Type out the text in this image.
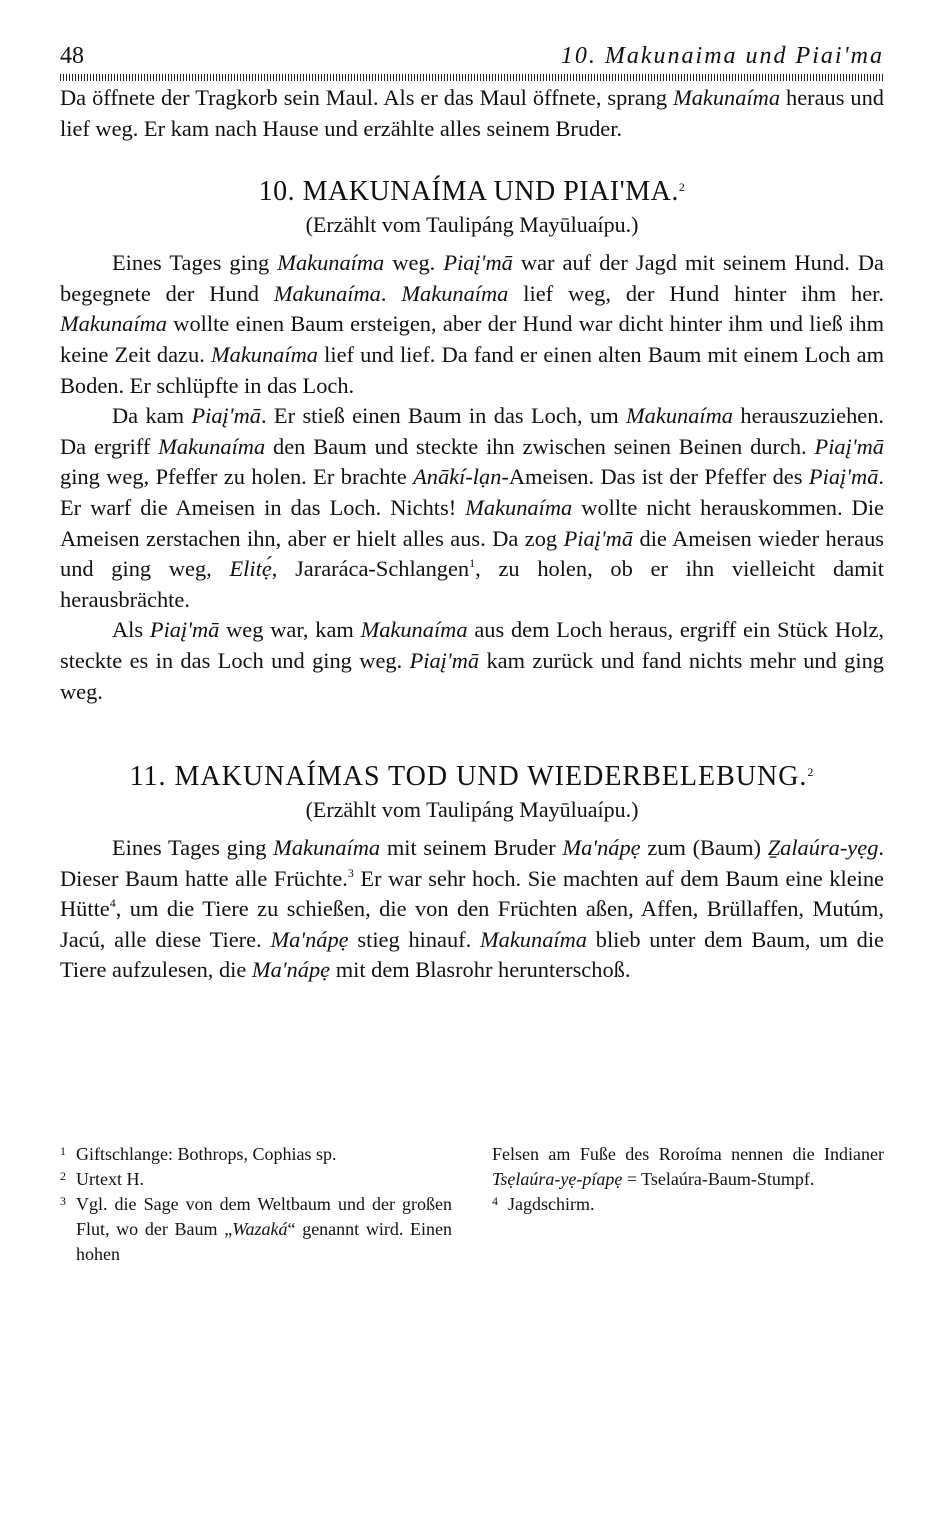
48	10. Makunaima und Piai'ma

Da öffnete der Tragkorb sein Maul. Als er das Maul öffnete, sprang Makunaíma heraus und lief weg. Er kam nach Hause und erzählte alles seinem Bruder.

10. MAKUNAÍMA UND PIAI'MA.$^2$
(Erzählt vom Taulipáng Mayūluaípu.)

Eines Tages ging Makunaíma weg. Piaį'mā war auf der Jagd mit seinem Hund. Da begegnete der Hund Makunaíma. Makunaíma lief weg, der Hund hinter ihm her. Makunaíma wollte einen Baum ersteigen, aber der Hund war dicht hinter ihm und ließ ihm keine Zeit dazu. Makunaíma lief und lief. Da fand er einen alten Baum mit einem Loch am Boden. Er schlüpfte in das Loch.

Da kam Piaį'mā. Er stieß einen Baum in das Loch, um Makunaíma herauszuziehen. Da ergriff Makunaíma den Baum und steckte ihn zwischen seinen Beinen durch. Piaį'mā ging weg, Pfeffer zu holen. Er brachte Anākí-lạn-Ameisen. Das ist der Pfeffer des Piaį'mā. Er warf die Ameisen in das Loch. Nichts! Makunaíma wollte nicht herauskommen. Die Ameisen zerstachen ihn, aber er hielt alles aus. Da zog Piaį'mā die Ameisen wieder heraus und ging weg, Elitẹ́, Jararáca-Schlangen$^1$, zu holen, ob er ihn vielleicht damit herausbrächte.

Als Piaį'mā weg war, kam Makunaíma aus dem Loch heraus, ergriff ein Stück Holz, steckte es in das Loch und ging weg. Piaį'mā kam zurück und fand nichts mehr und ging weg.

11. MAKUNAÍMAS TOD UND WIEDERBELEBUNG.$^2$
(Erzählt vom Taulipáng Mayūluaípu.)

Eines Tages ging Makunaíma mit seinem Bruder Ma'nápẹ zum (Baum) Ẕalaúra-yẹg. Dieser Baum hatte alle Früchte.$^3$ Er war sehr hoch. Sie machten auf dem Baum eine kleine Hütte$^4$, um die Tiere zu schießen, die von den Früchten aßen, Affen, Brüllaffen, Mutúm, Jacú, alle diese Tiere. Ma'nápẹ stieg hinauf. Makunaíma blieb unter dem Baum, um die Tiere aufzulesen, die Ma'nápẹ mit dem Blasrohr herunterschoß.

1 Giftschlange: Bothrops, Cophias sp.
2 Urtext H.
3 Vgl. die Sage von dem Weltbaum und der großen Flut, wo der Baum „Wazaká“ genannt wird. Einen hohen
Felsen am Fuße des Roroíma nennen die Indianer Tsẹlaúra-yẹ-píapẹ = Tselaúra-Baum-Stumpf.
4 Jagdschirm.
